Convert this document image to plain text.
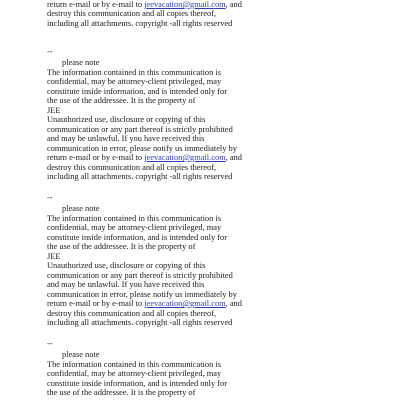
return e-mail or by e-mail to jeevacation@gmail.com, and
destroy this communication and all copies thereof,
including all attachments. copyright -all rights reserved
--
please note
The information contained in this communication is
confidential, may be attorney-client privileged, may
constitute inside information, and is intended only for
the use of the addressee. It is the property of
JEE
Unauthorized use, disclosure or copying of this
communication or any part thereof is strictly prohibited
and may be unlawful. If you have received this
communication in error, please notify us immediately by
return e-mail or by e-mail to jeevacation@gmail.com, and
destroy this communication and all copies thereof,
including all attachments. copyright -all rights reserved
--
please note
The information contained in this communication is
confidential, may be attorney-client privileged, may
constitute inside information, and is intended only for
the use of the addressee. It is the property of
JEE
Unauthorized use, disclosure or copying of this
communication or any part thereof is strictly prohibited
and may be unlawful. If you have received this
communication in error, please notify us immediately by
return e-mail or by e-mail to jeevacation@gmail.com, and
destroy this communication and all copies thereof,
including all attachments. copyright -all rights reserved
--
please note
The information contained in this communication is
confidential, may be attorney-client privileged, may
constitute inside information, and is intended only for
the use of the addressee. It is the property of
